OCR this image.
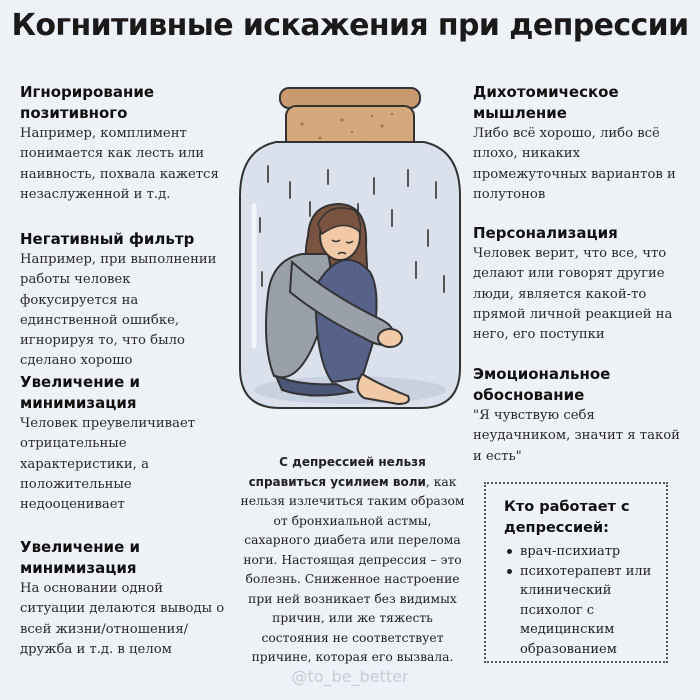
Когнитивные искажения при депрессии
Игнорирование позитивного

Например, комплимент понимается как лесть или наивность, похвала кажется незаслуженной и т.д.

Негативный фильтр

Например, при выполнении работы человек фокусируется на единственной ошибке, игнорируя то, что было сделано хорошо

Увеличение и минимизация

Человек преувеличивает отрицательные характеристики, а положительные недооценивает

Увеличение и минимизация

На основании одной ситуации делаются выводы о всей жизни/отношения/дружба и т.д. в целом

Дихотомическое мышление

Либо всё хорошо, либо всё плохо, никаких промежуточных вариантов и полутонов

Персонализация

Человек верит, что все, что делают или говорят другие люди, является какой-то прямой личной реакцией на него, его поступки

Эмоциональное обоснование

"Я чувствую себя неудачником, значит я такой и есть"

С депрессией нельзя справиться усилием воли, как нельзя излечиться таким образом от бронхиальной астмы, сахарного диабета или перелома ноги. Настоящая депрессия – это болезнь. Сниженное настроение при ней возникает без видимых причин, или же тяжесть состояния не соответствует причине, которая его вызвала.
Кто работает с депрессией:
врач-психиатр
психотерапевт или клинический психолог с медицинским образованием
@to_be_better
